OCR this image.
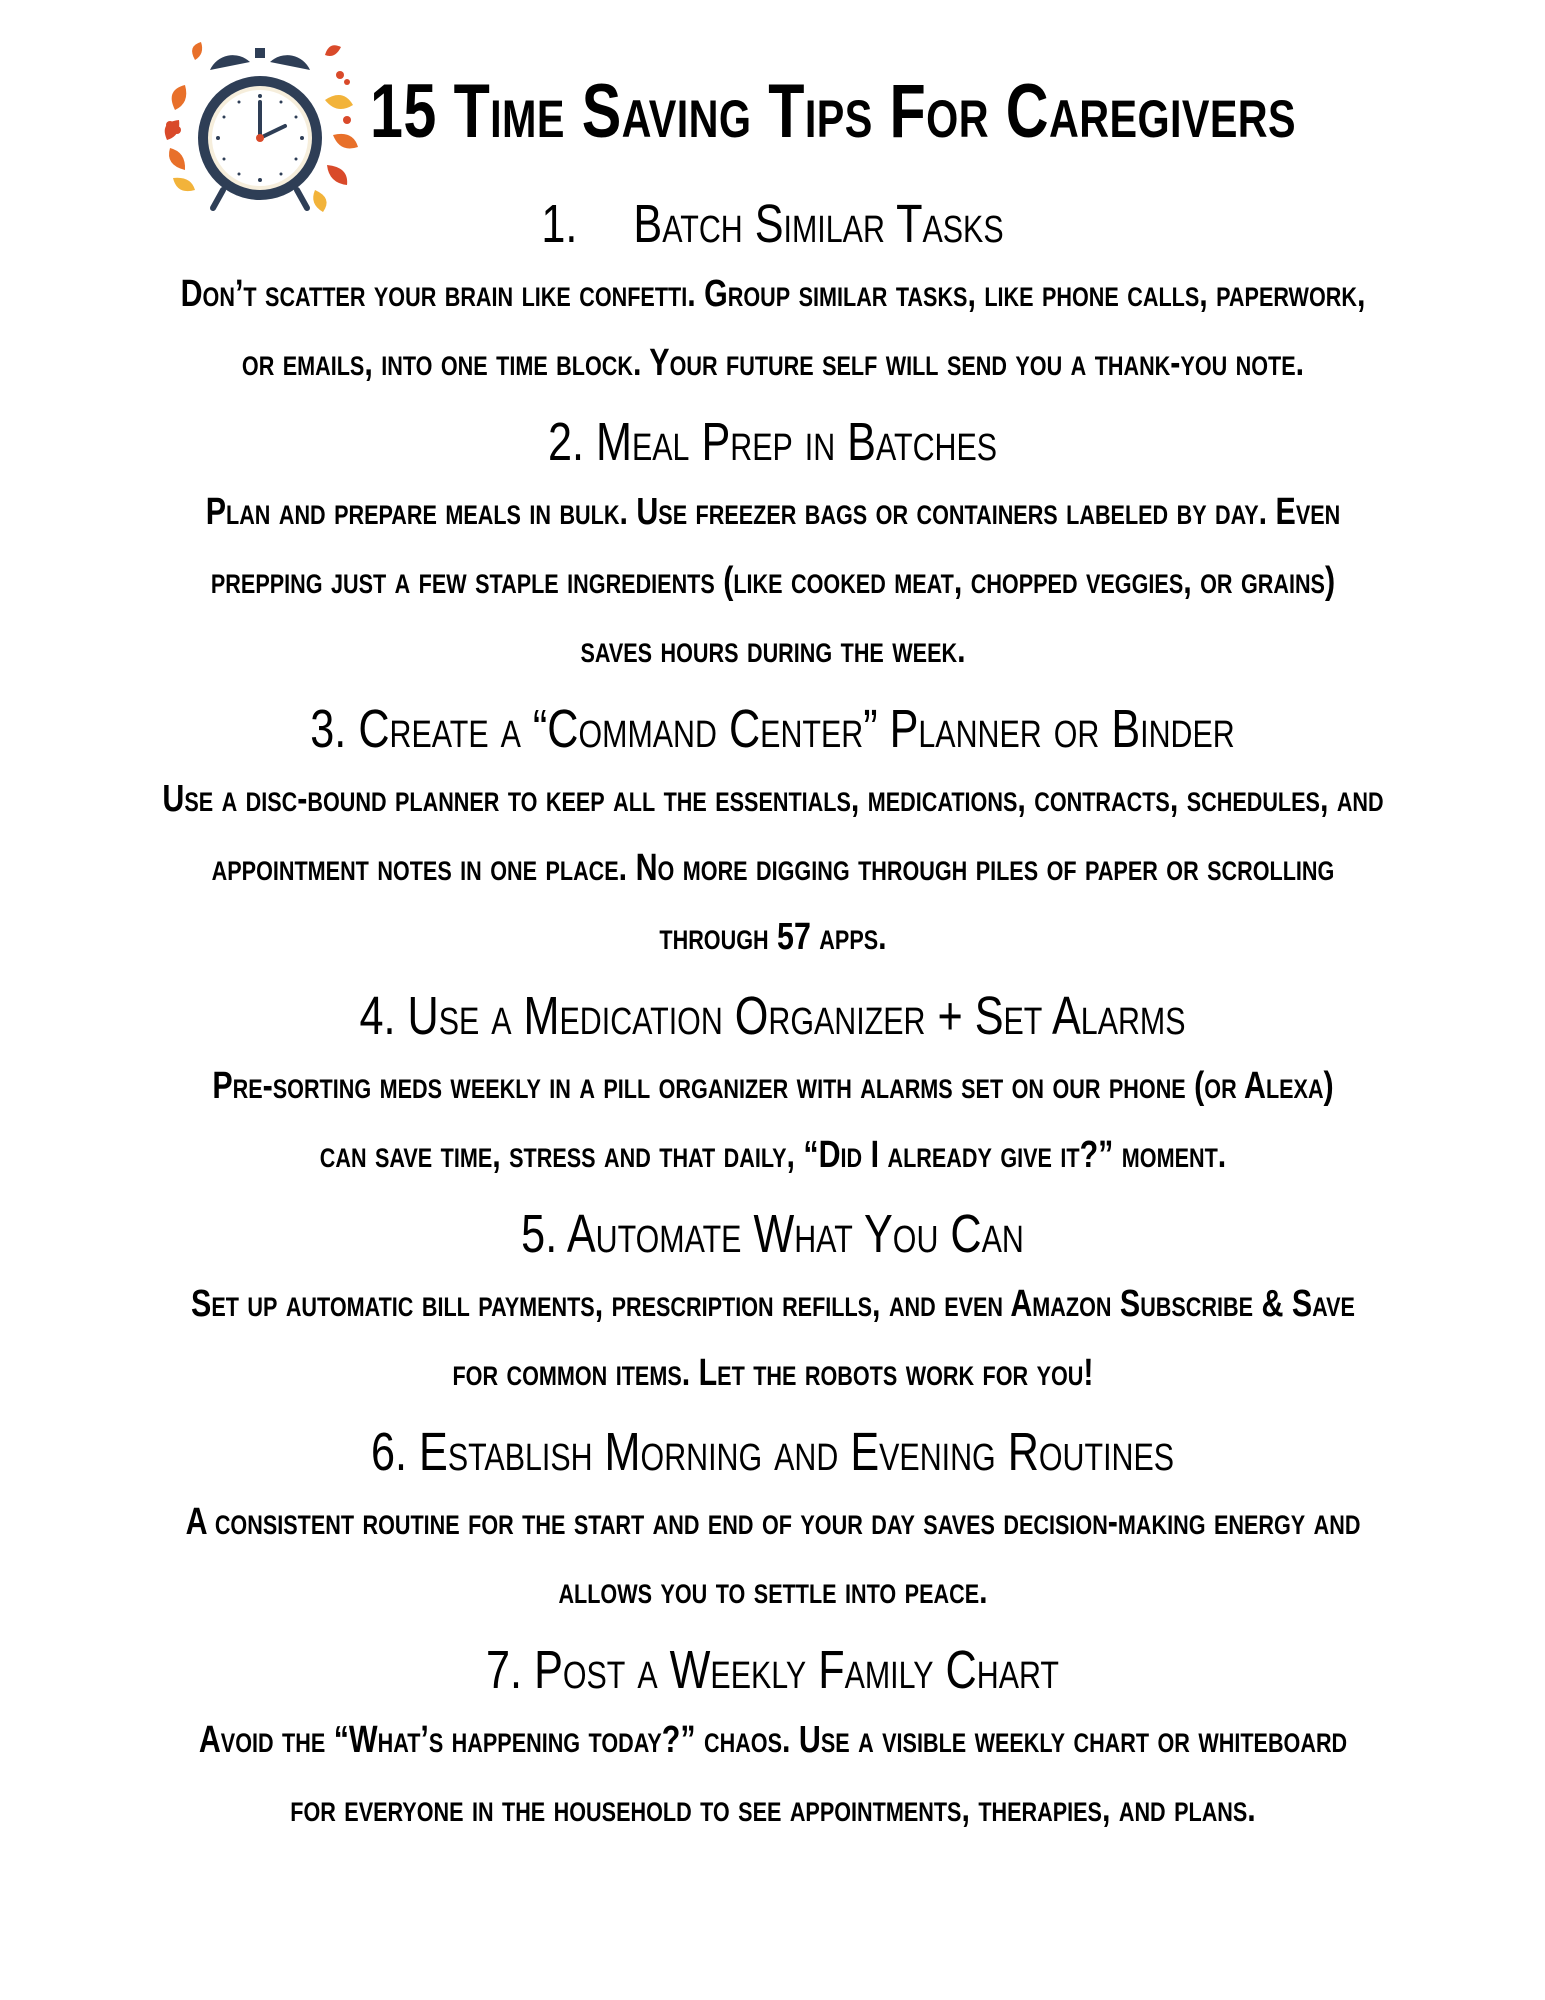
15 Time Saving Tips For Caregivers
1. Batch Similar Tasks
Don’t scatter your brain like confetti. Group similar tasks, like phone calls, paperwork,
or emails, into one time block. Your future self will send you a thank-you note.
2. Meal Prep in Batches
Plan and prepare meals in bulk. Use freezer bags or containers labeled by day. Even
prepping just a few staple ingredients (like cooked meat, chopped veggies, or grains)
saves hours during the week.
3. Create a “Command Center” Planner or Binder
Use a disc-bound planner to keep all the essentials, medications, contracts, schedules, and
appointment notes in one place. No more digging through piles of paper or scrolling
through 57 apps.
4. Use a Medication Organizer + Set Alarms
Pre-sorting meds weekly in a pill organizer with alarms set on our phone (or Alexa)
can save time, stress and that daily, “Did I already give it?” moment.
5. Automate What You Can
Set up automatic bill payments, prescription refills, and even Amazon Subscribe & Save
for common items. Let the robots work for you!
6. Establish Morning and Evening Routines
A consistent routine for the start and end of your day saves decision-making energy and
allows you to settle into peace.
7. Post a Weekly Family Chart
Avoid the “What’s happening today?” chaos. Use a visible weekly chart or whiteboard
for everyone in the household to see appointments, therapies, and plans.
